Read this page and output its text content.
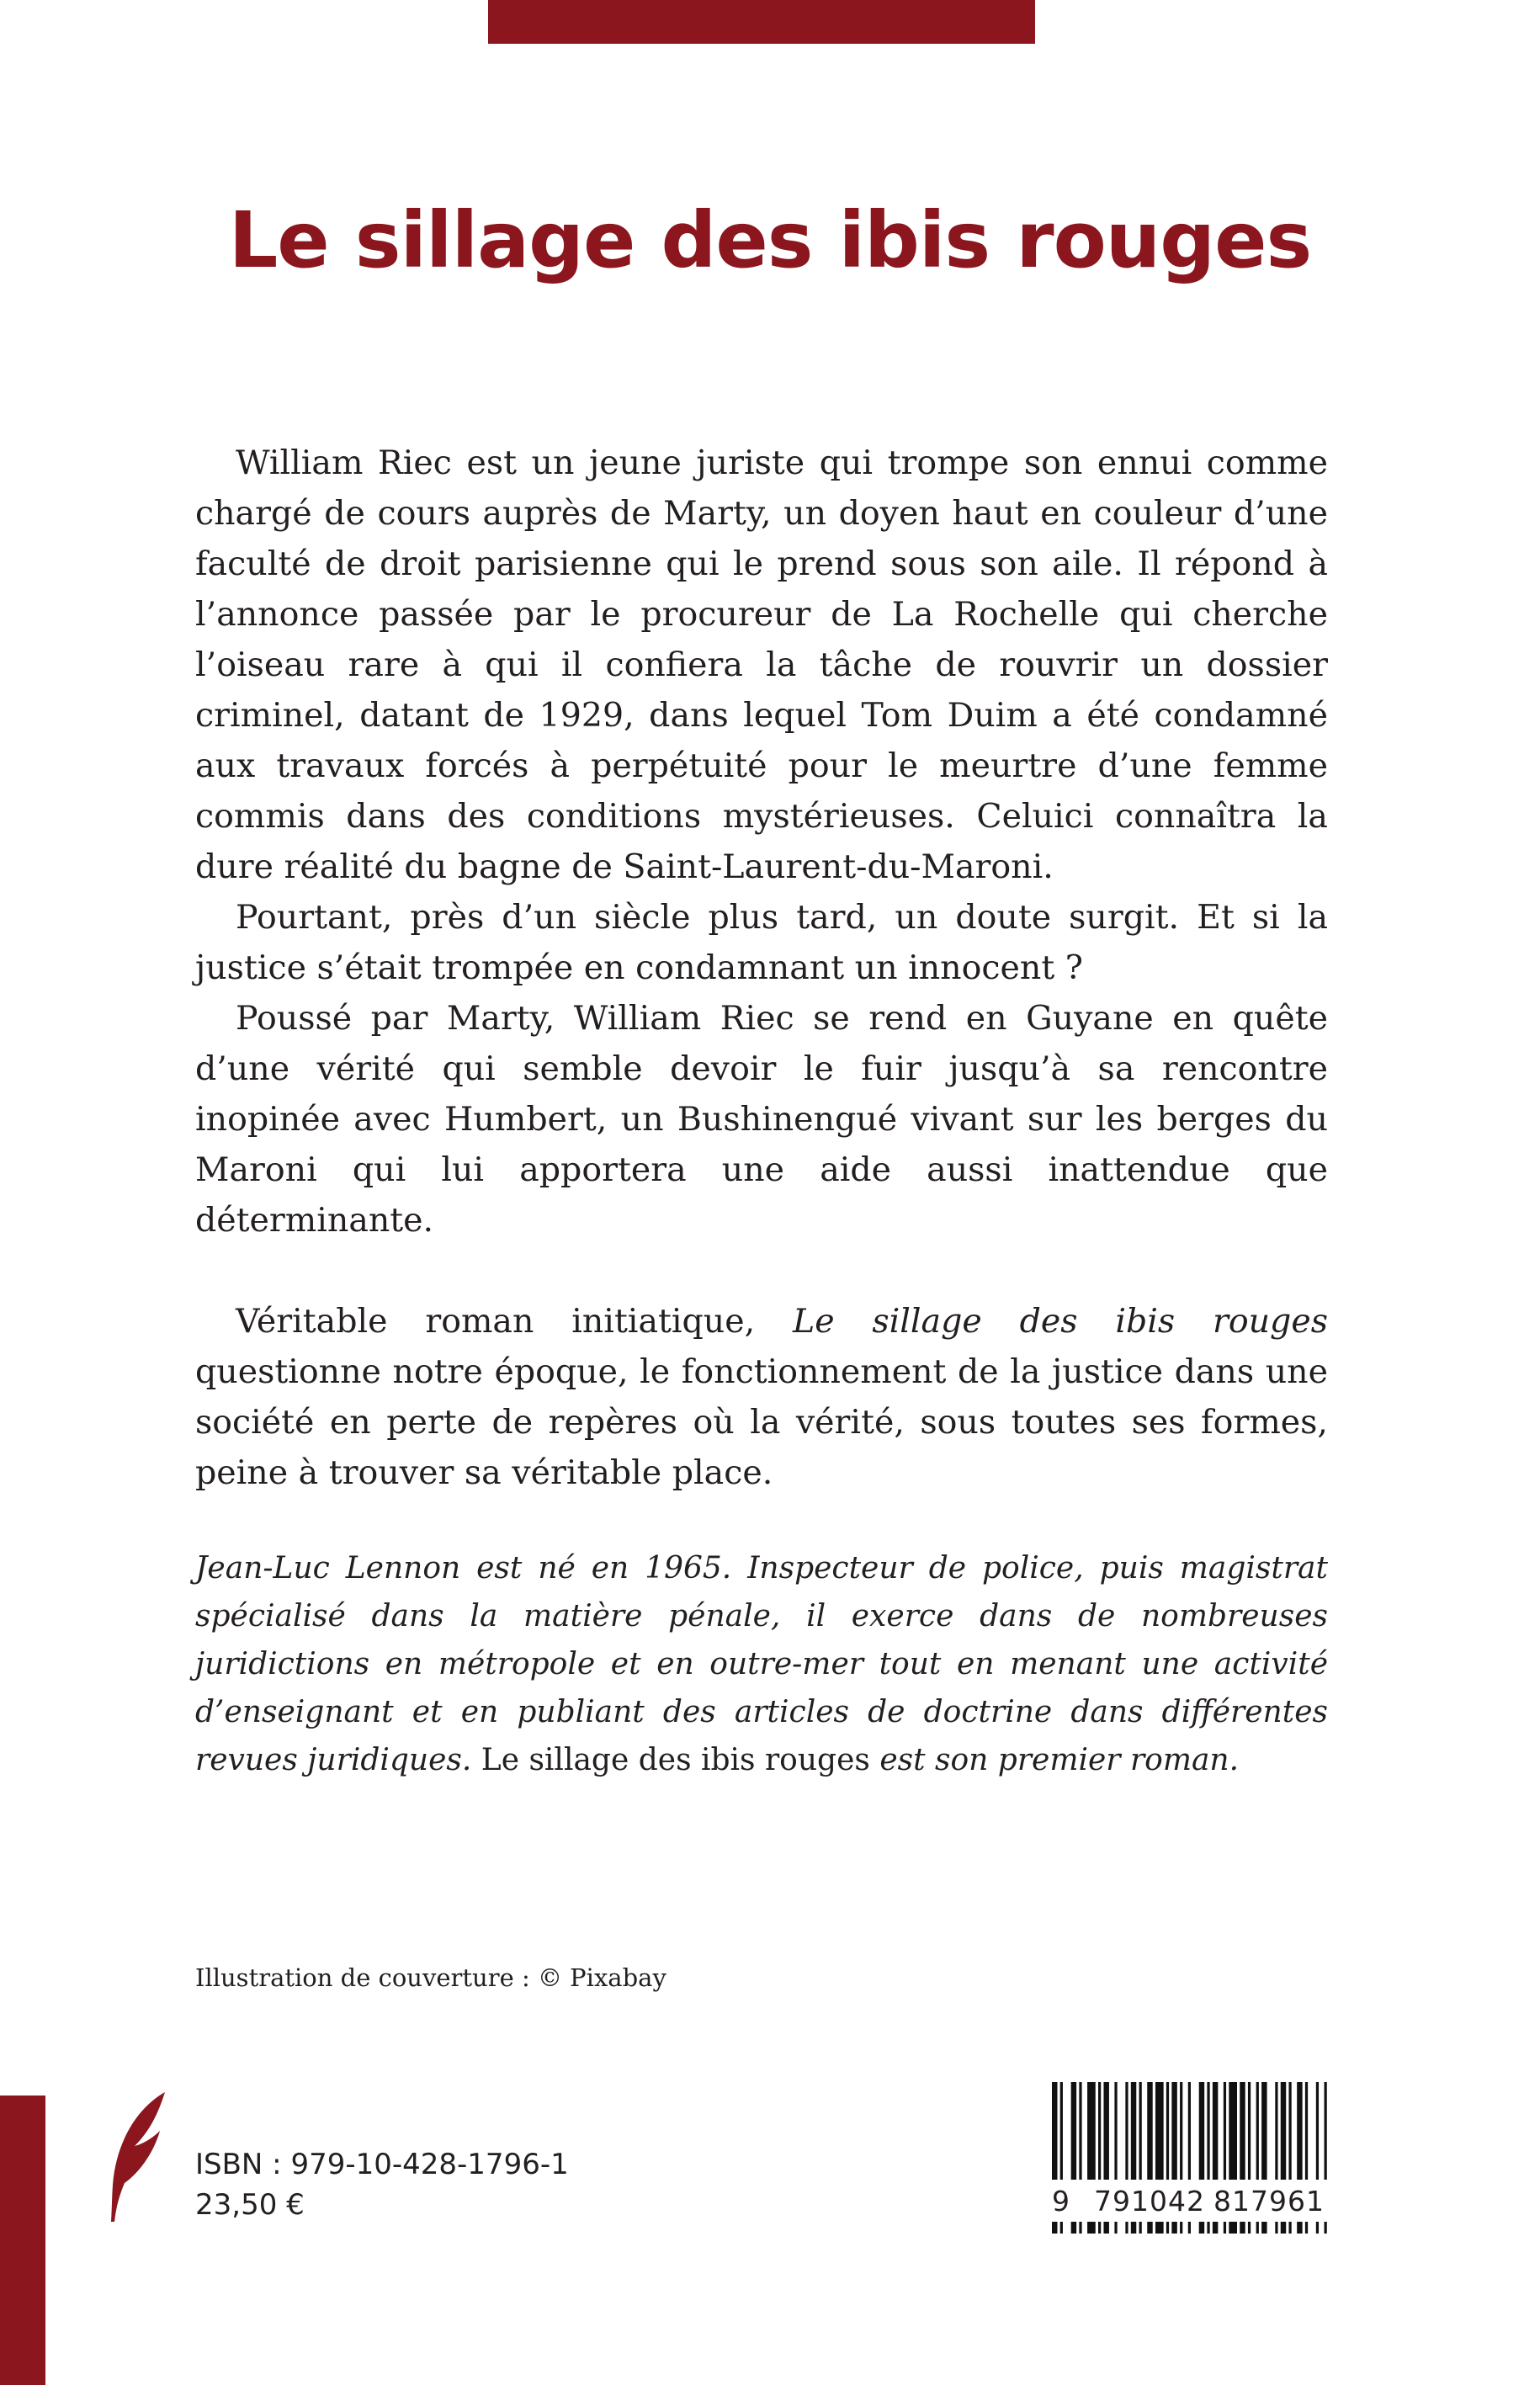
Le sillage des ibis rouges

William Riec est un jeune juriste qui trompe son ennui comme chargé de cours auprès de Marty, un doyen haut en couleur d’une faculté de droit parisienne qui le prend sous son aile. Il répond à l’annonce passée par le procureur de La Rochelle qui cherche l’oiseau rare à qui il confiera la tâche de rouvrir un dossier criminel, datant de 1929, dans lequel Tom Duim a été condamné aux travaux forcés à perpétuité pour le meurtre d’une femme commis dans des conditions mystérieuses. Celuici connaîtra la dure réalité du bagne de Saint-Laurent-du-Maroni.

Pourtant, près d’un siècle plus tard, un doute surgit. Et si la justice s’était trompée en condamnant un innocent ?

Poussé par Marty, William Riec se rend en Guyane en quête d’une vérité qui semble devoir le fuir jusqu’à sa rencontre inopinée avec Humbert, un Bushinengué vivant sur les berges du Maroni qui lui apportera une aide aussi inattendue que déterminante.

Véritable roman initiatique, Le sillage des ibis rouges questionne notre époque, le fonctionnement de la justice dans une société en perte de repères où la vérité, sous toutes ses formes, peine à trouver sa véritable place.

Jean-Luc Lennon est né en 1965. Inspecteur de police, puis magistrat spécialisé dans la matière pénale, il exerce dans de nombreuses juridictions en métropole et en outre-mer tout en menant une activité d’enseignant et en publiant des articles de doctrine dans différentes revues juridiques. Le sillage des ibis rouges est son premier roman.

Illustration de couverture : © Pixabay

ISBN : 979-10-428-1796-1
23,50 €	9 791042 817961
